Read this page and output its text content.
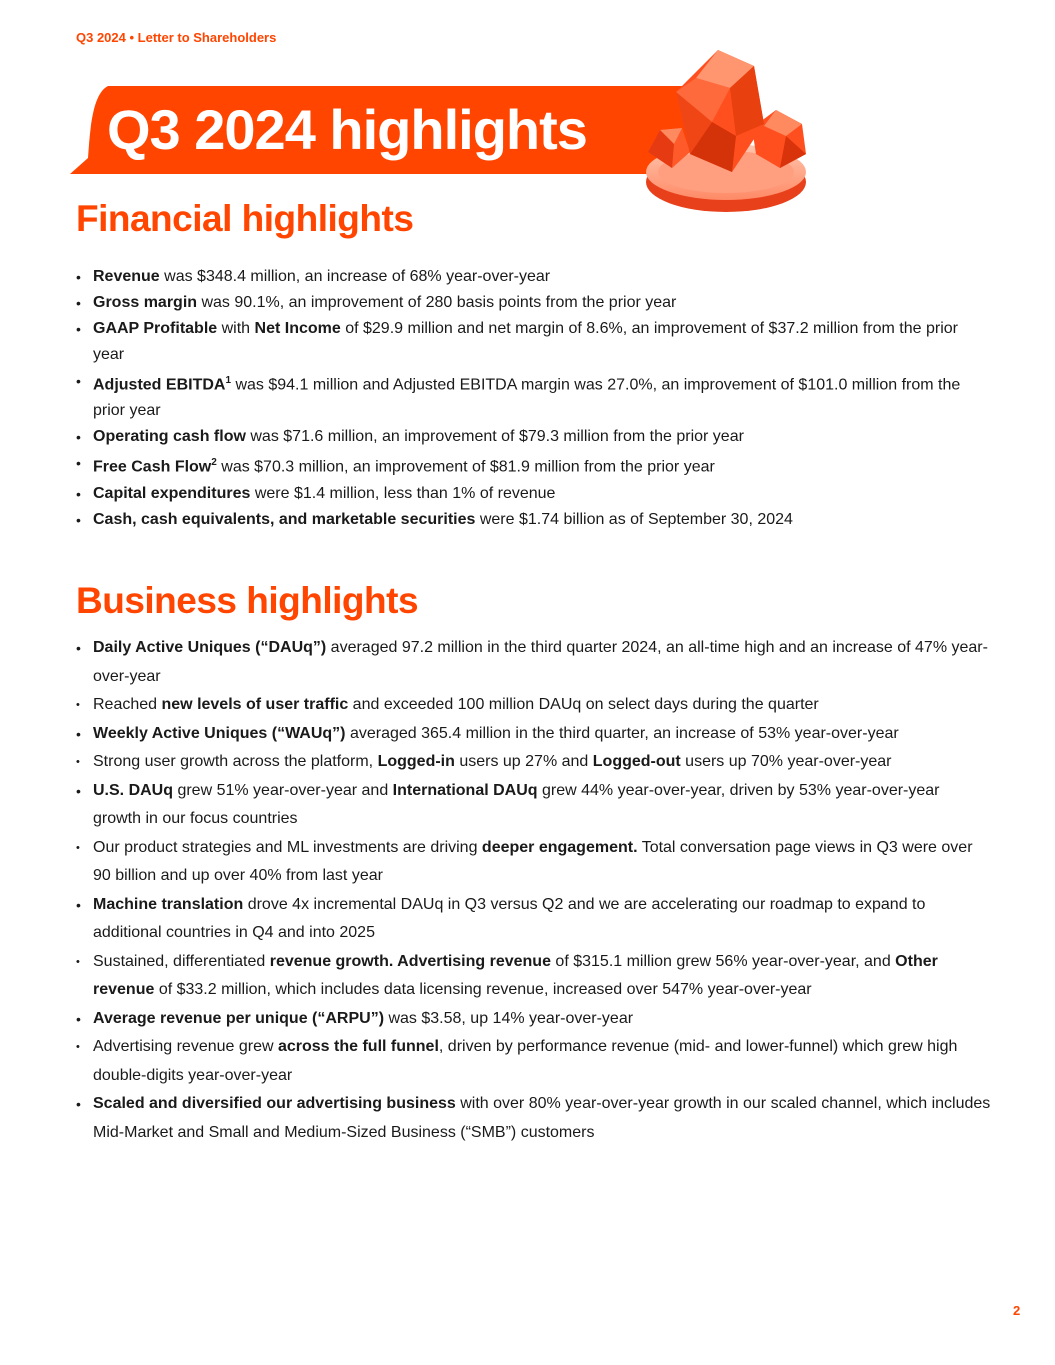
Q3 2024 • Letter to Shareholders
Q3 2024 highlights
Financial highlights
• Revenue was $348.4 million, an increase of 68% year-over-year
• Gross margin was 90.1%, an improvement of 280 basis points from the prior year
• GAAP Profitable with Net Income of $29.9 million and net margin of 8.6%, an improvement of $37.2 million from the prior year
• Adjusted EBITDA$^1$ was $94.1 million and Adjusted EBITDA margin was 27.0%, an improvement of $101.0 million from the prior year
• Operating cash flow was $71.6 million, an improvement of $79.3 million from the prior year
• Free Cash Flow$^2$ was $70.3 million, an improvement of $81.9 million from the prior year
• Capital expenditures were $1.4 million, less than 1% of revenue
• Cash, cash equivalents, and marketable securities were $1.74 billion as of September 30, 2024
Business highlights
• Daily Active Uniques (“DAUq”) averaged 97.2 million in the third quarter 2024, an all-time high and an increase of 47% year-over-year
• Reached new levels of user traffic and exceeded 100 million DAUq on select days during the quarter
• Weekly Active Uniques (“WAUq”) averaged 365.4 million in the third quarter, an increase of 53% year-over-year
• Strong user growth across the platform, Logged-in users up 27% and Logged-out users up 70% year-over-year
• U.S. DAUq grew 51% year-over-year and International DAUq grew 44% year-over-year, driven by 53% year-over-year growth in our focus countries
• Our product strategies and ML investments are driving deeper engagement. Total conversation page views in Q3 were over 90 billion and up over 40% from last year
• Machine translation drove 4x incremental DAUq in Q3 versus Q2 and we are accelerating our roadmap to expand to additional countries in Q4 and into 2025
• Sustained, differentiated revenue growth. Advertising revenue of $315.1 million grew 56% year-over-year, and Other revenue of $33.2 million, which includes data licensing revenue, increased over 547% year-over-year
• Average revenue per unique (“ARPU”) was $3.58, up 14% year-over-year
• Advertising revenue grew across the full funnel, driven by performance revenue (mid- and lower-funnel) which grew high double-digits year-over-year
• Scaled and diversified our advertising business with over 80% year-over-year growth in our scaled channel, which includes Mid-Market and Small and Medium-Sized Business (“SMB”) customers
2
